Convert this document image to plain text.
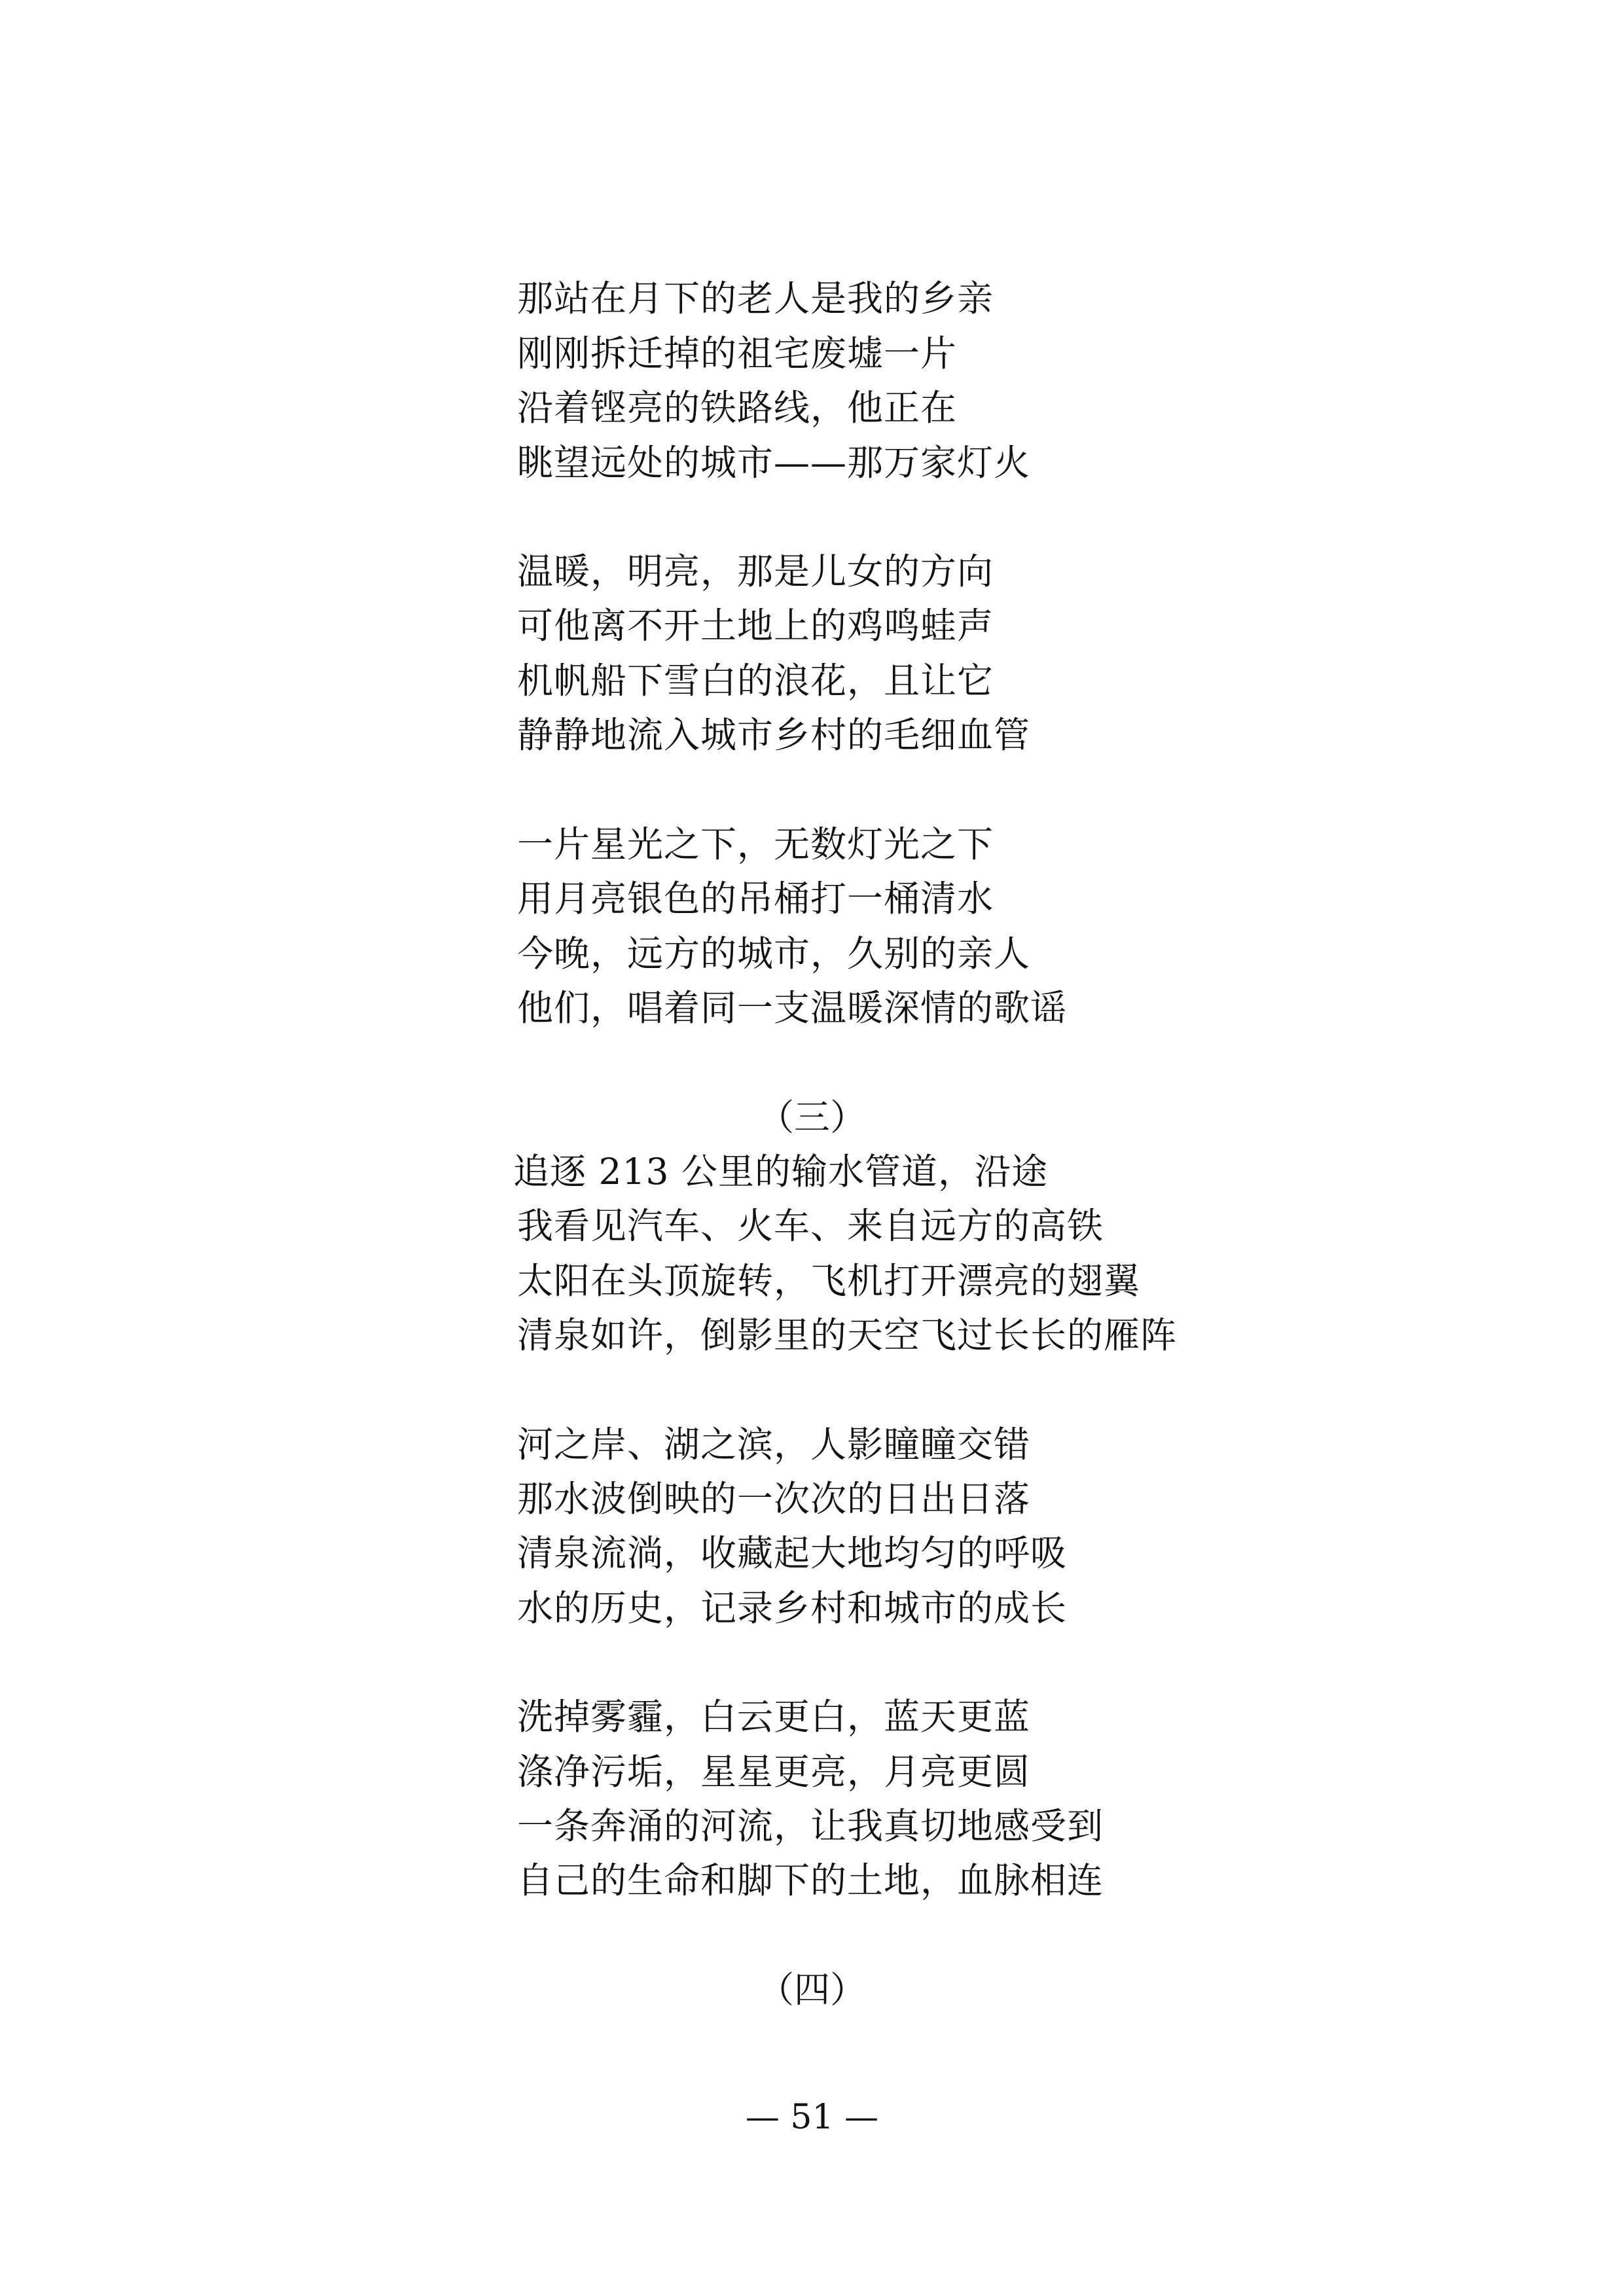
那站在月下的老人是我的乡亲
刚刚拆迁掉的祖宅废墟一片
沿着铿亮的铁路线，他正在
眺望远处的城市——那万家灯火
温暖，明亮，那是儿女的方向
可他离不开土地上的鸡鸣蛙声
机帆船下雪白的浪花，且让它
静静地流入城市乡村的毛细血管
一片星光之下，无数灯光之下
用月亮银色的吊桶打一桶清水
今晚，远方的城市，久别的亲人
他们，唱着同一支温暖深情的歌谣
（三）
追逐 213 公里的输水管道，沿途
我看见汽车、火车、来自远方的高铁
太阳在头顶旋转，飞机打开漂亮的翅翼
清泉如许，倒影里的天空飞过长长的雁阵
河之岸、湖之滨，人影瞳瞳交错
那水波倒映的一次次的日出日落
清泉流淌，收藏起大地均匀的呼吸
水的历史，记录乡村和城市的成长
洗掉雾霾，白云更白，蓝天更蓝
涤净污垢，星星更亮，月亮更圆
一条奔涌的河流，让我真切地感受到
自己的生命和脚下的土地，血脉相连
（四）
— 51 —
